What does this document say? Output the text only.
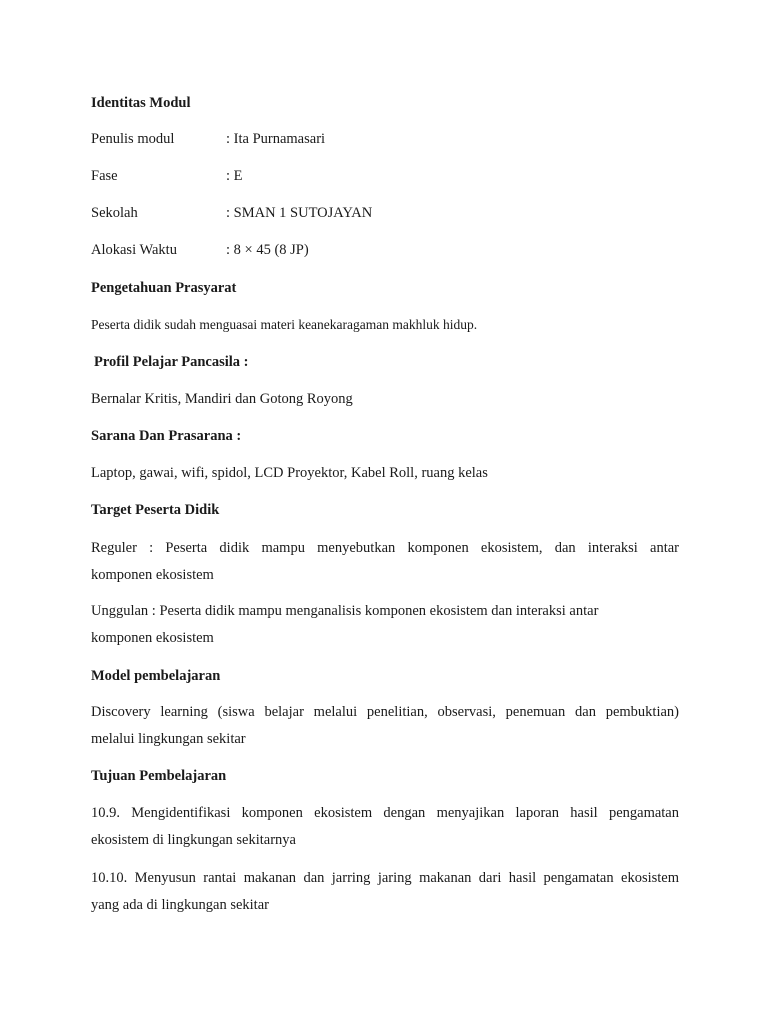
Identitas Modul

Penulis modul	: Ita Purnamasari

Fase	: E

Sekolah	: SMAN 1 SUTOJAYAN

Alokasi Waktu	: 8 × 45 (8 JP)

Pengetahuan Prasyarat

Peserta didik sudah menguasai materi keanekaragaman makhluk hidup.

Profil Pelajar Pancasila :

Bernalar Kritis, Mandiri dan Gotong Royong

Sarana Dan Prasarana :

Laptop, gawai, wifi, spidol, LCD Proyektor, Kabel Roll, ruang kelas

Target Peserta Didik

Reguler : Peserta didik mampu menyebutkan komponen ekosistem, dan interaksi antar

komponen ekosistem

Unggulan : Peserta didik mampu menganalisis komponen ekosistem dan interaksi antar

komponen ekosistem

Model pembelajaran

Discovery learning (siswa belajar melalui penelitian, observasi, penemuan dan pembuktian)

melalui lingkungan sekitar

Tujuan Pembelajaran

10.9. Mengidentifikasi komponen ekosistem dengan menyajikan laporan hasil pengamatan

ekosistem di lingkungan sekitarnya

10.10. Menyusun rantai makanan dan jarring jaring makanan dari hasil pengamatan ekosistem

yang ada di lingkungan sekitar
